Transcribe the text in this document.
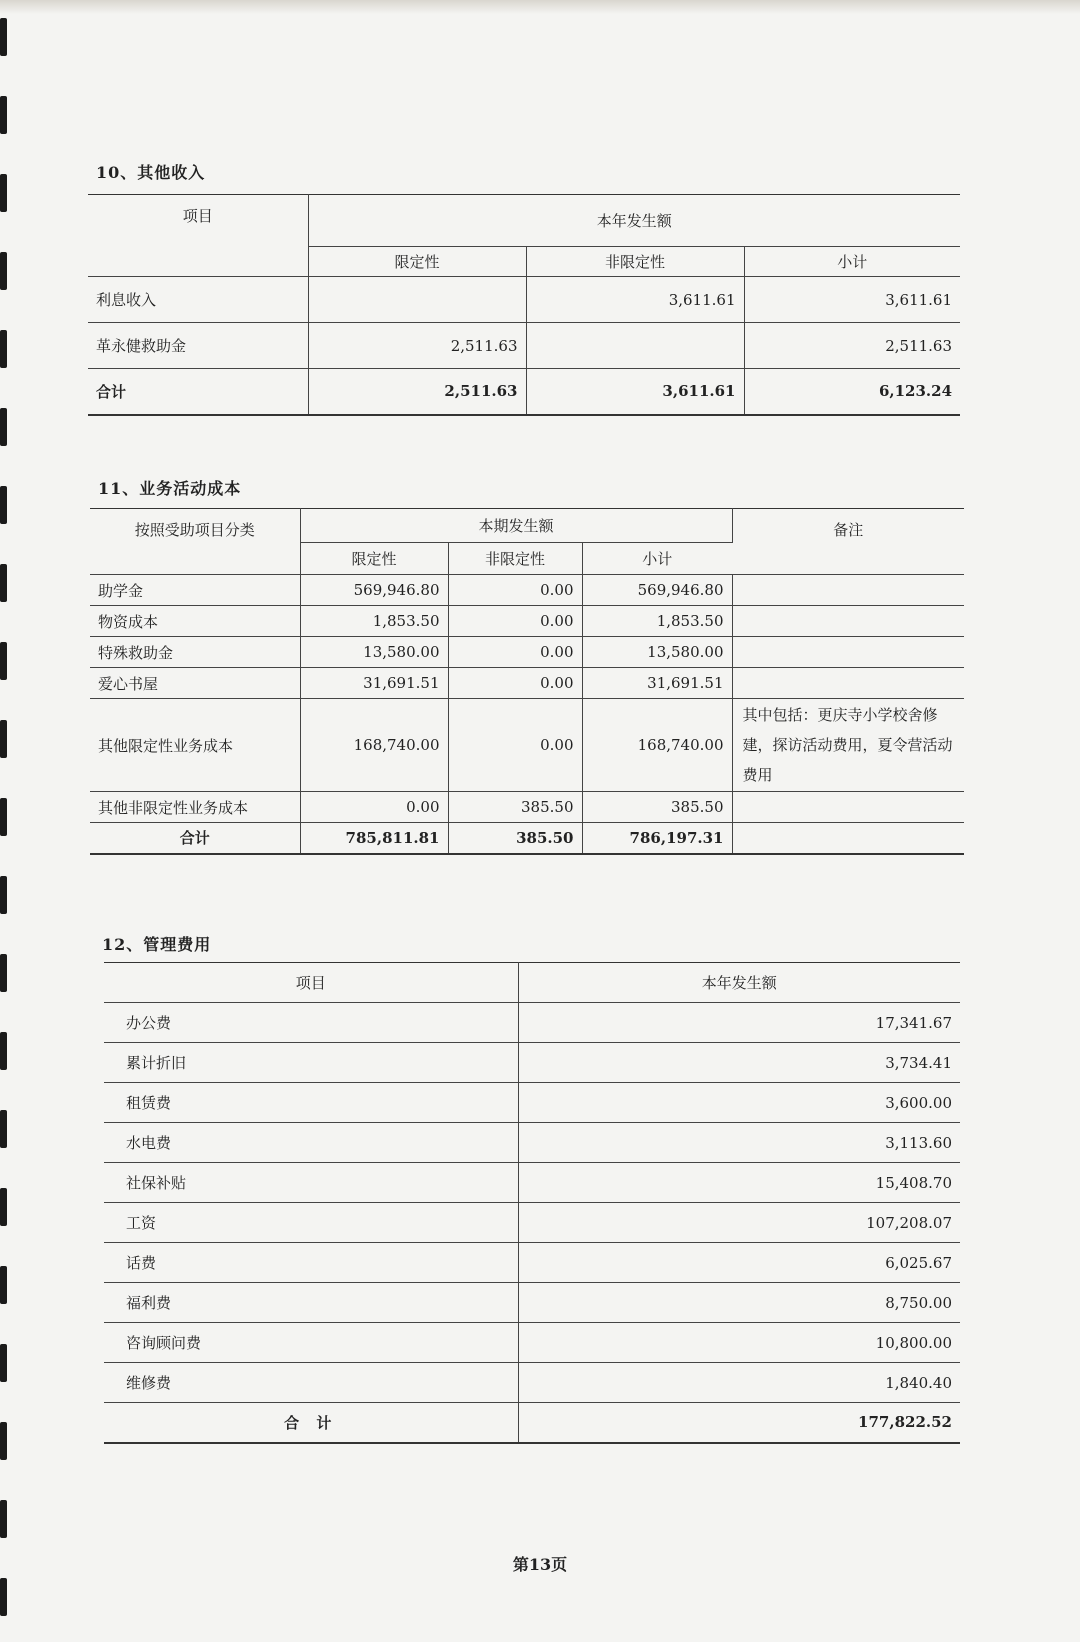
10、其他收入
项目	本年发生额		
	限定性	非限定性	小计
利息收入		3,611.61	3,611.61
革永健救助金	2,511.63		2,511.63
合计	2,511.63	3,611.61	6,123.24
11、业务活动成本
按照受助项目分类	本期发生额			备注
	限定性	非限定性	小计	
助学金	569,946.80	0.00	569,946.80	
物资成本	1,853.50	0.00	1,853.50	
特殊救助金	13,580.00	0.00	13,580.00	
爱心书屋	31,691.51	0.00	31,691.51	
其他限定性业务成本	168,740.00	0.00	168,740.00	其中包括：更庆寺小学校舍修建，探访活动费用，夏令营活动费用
其他非限定性业务成本	0.00	385.50	385.50	
合计	785,811.81	385.50	786,197.31	
12、管理费用
项目	本年发生额
办公费	17,341.67
累计折旧	3,734.41
租赁费	3,600.00
水电费	3,113.60
社保补贴	15,408.70
工资	107,208.07
话费	6,025.67
福利费	8,750.00
咨询顾问费	10,800.00
维修费	1,840.40
合 计	177,822.52
第13页
